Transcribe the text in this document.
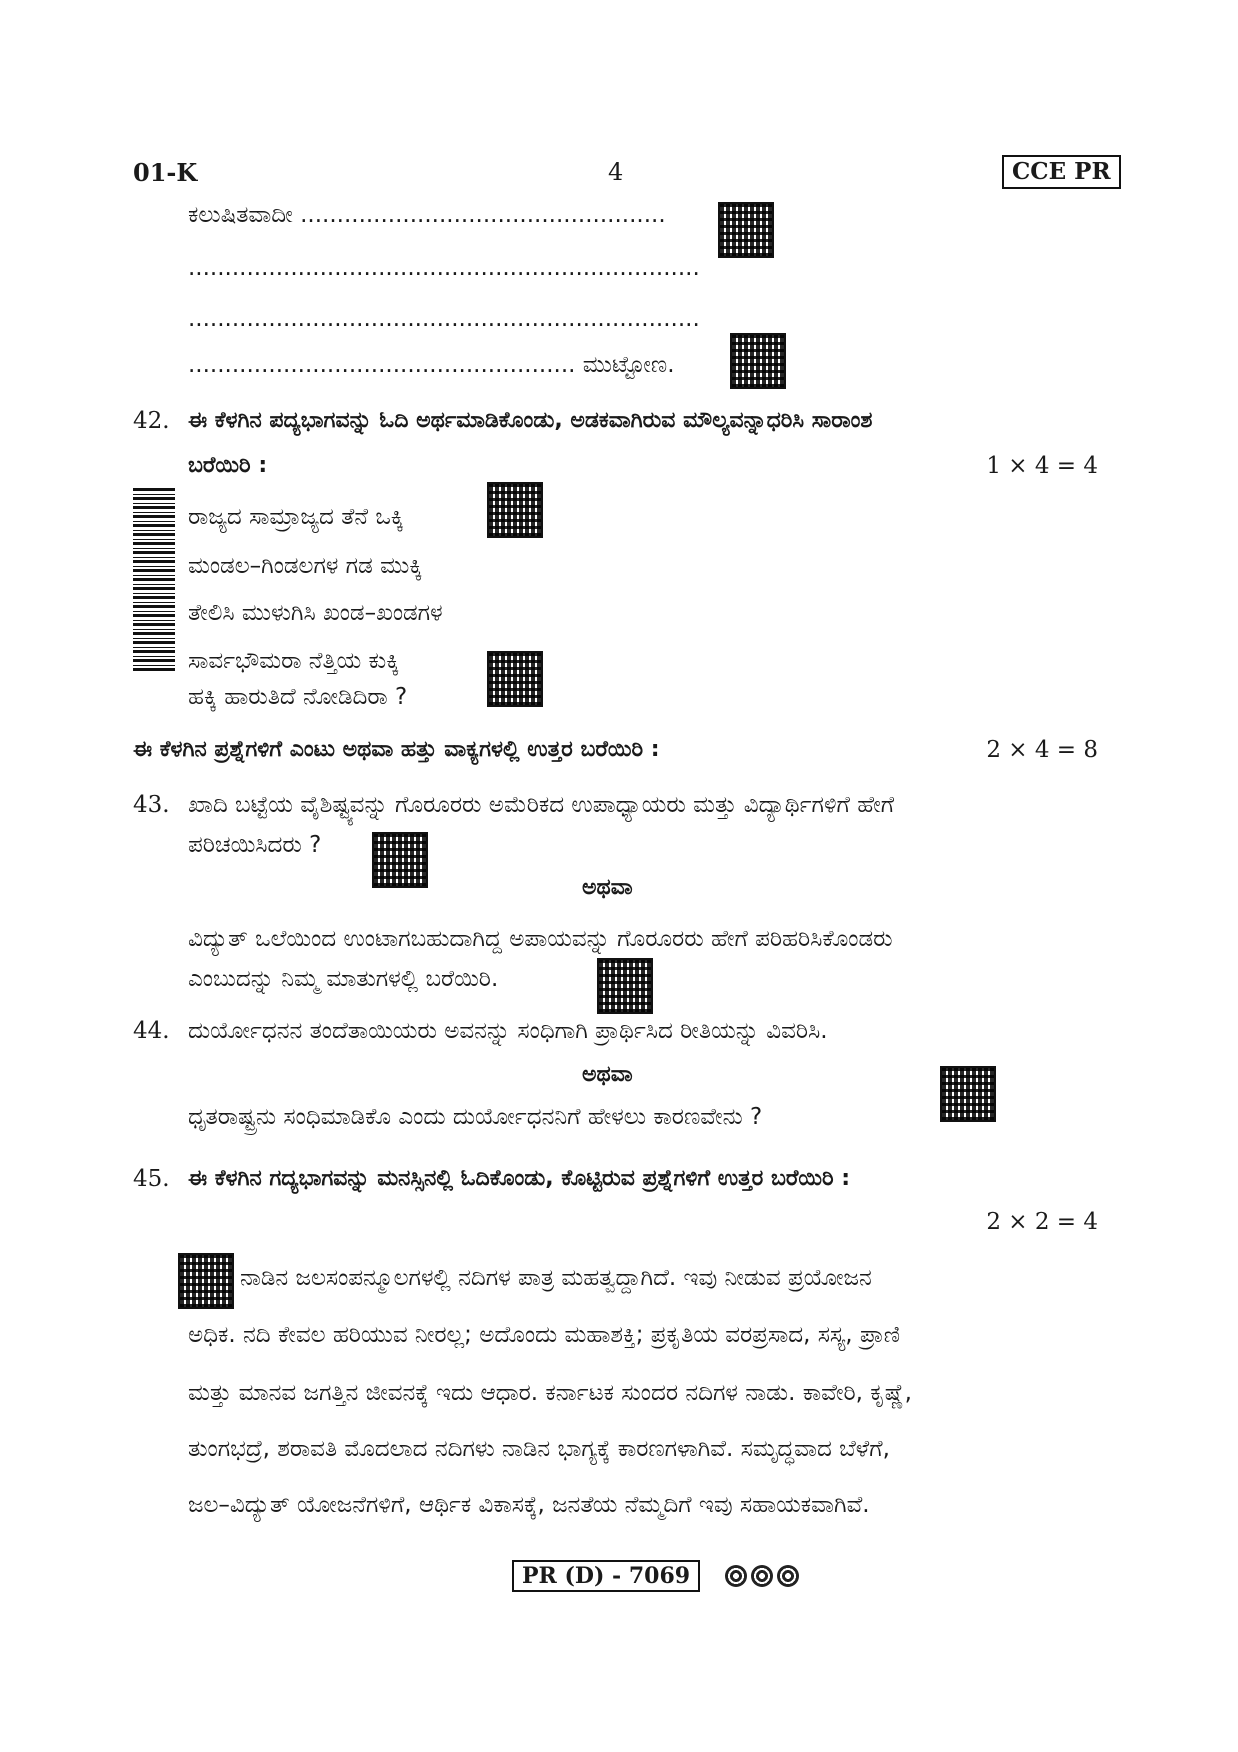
01-K	4	CCE PR
ಕಲುಷಿತವಾದೀ ..................................................
......................................................................
......................................................................
..................................................... ಮುಟ್ಟೋಣ.
42. ಈ ಕೆಳಗಿನ ಪದ್ಯಭಾಗವನ್ನು ಓದಿ ಅರ್ಥಮಾಡಿಕೊಂಡು, ಅಡಕವಾಗಿರುವ ಮೌಲ್ಯವನ್ನಾಧರಿಸಿ ಸಾರಾಂಶ
ಬರೆಯಿರಿ :	1 × 4 = 4
ರಾಜ್ಯದ ಸಾಮ್ರಾಜ್ಯದ ತೆನೆ ಒಕ್ಕಿ
ಮಂಡಲ–ಗಿಂಡಲಗಳ ಗಡ ಮುಕ್ಕಿ
ತೇಲಿಸಿ ಮುಳುಗಿಸಿ ಖಂಡ–ಖಂಡಗಳ
ಸಾರ್ವಭೌಮರಾ ನೆತ್ತಿಯ ಕುಕ್ಕಿ
ಹಕ್ಕಿ ಹಾರುತಿದೆ ನೋಡಿದಿರಾ ?
ಈ ಕೆಳಗಿನ ಪ್ರಶ್ನೆಗಳಿಗೆ ಎಂಟು ಅಥವಾ ಹತ್ತು ವಾಕ್ಯಗಳಲ್ಲಿ ಉತ್ತರ ಬರೆಯಿರಿ :	2 × 4 = 8
43. ಖಾದಿ ಬಟ್ಟೆಯ ವೈಶಿಷ್ಟ್ಯವನ್ನು ಗೊರೂರರು ಅಮೆರಿಕದ ಉಪಾಧ್ಯಾಯರು ಮತ್ತು ವಿದ್ಯಾರ್ಥಿಗಳಿಗೆ ಹೇಗೆ
ಪರಿಚಯಿಸಿದರು ?
ಅಥವಾ
ವಿದ್ಯುತ್ ಒಲೆಯಿಂದ ಉಂಟಾಗಬಹುದಾಗಿದ್ದ ಅಪಾಯವನ್ನು ಗೊರೂರರು ಹೇಗೆ ಪರಿಹರಿಸಿಕೊಂಡರು
ಎಂಬುದನ್ನು ನಿಮ್ಮ ಮಾತುಗಳಲ್ಲಿ ಬರೆಯಿರಿ.
44. ದುರ್ಯೋಧನನ ತಂದೆತಾಯಿಯರು ಅವನನ್ನು ಸಂಧಿಗಾಗಿ ಪ್ರಾರ್ಥಿಸಿದ ರೀತಿಯನ್ನು ವಿವರಿಸಿ.
ಅಥವಾ
ಧೃತರಾಷ್ಟ್ರನು ಸಂಧಿಮಾಡಿಕೊ ಎಂದು ದುರ್ಯೋಧನನಿಗೆ ಹೇಳಲು ಕಾರಣವೇನು ?
45. ಈ ಕೆಳಗಿನ ಗದ್ಯಭಾಗವನ್ನು ಮನಸ್ಸಿನಲ್ಲಿ ಓದಿಕೊಂಡು, ಕೊಟ್ಟಿರುವ ಪ್ರಶ್ನೆಗಳಿಗೆ ಉತ್ತರ ಬರೆಯಿರಿ :
2 × 2 = 4
ನಾಡಿನ ಜಲಸಂಪನ್ಮೂಲಗಳಲ್ಲಿ ನದಿಗಳ ಪಾತ್ರ ಮಹತ್ವದ್ದಾಗಿದೆ. ಇವು ನೀಡುವ ಪ್ರಯೋಜನ
ಅಧಿಕ. ನದಿ ಕೇವಲ ಹರಿಯುವ ನೀರಲ್ಲ; ಅದೊಂದು ಮಹಾಶಕ್ತಿ; ಪ್ರಕೃತಿಯ ವರಪ್ರಸಾದ, ಸಸ್ಯ, ಪ್ರಾಣಿ
ಮತ್ತು ಮಾನವ ಜಗತ್ತಿನ ಜೀವನಕ್ಕೆ ಇದು ಆಧಾರ. ಕರ್ನಾಟಕ ಸುಂದರ ನದಿಗಳ ನಾಡು. ಕಾವೇರಿ, ಕೃಷ್ಣೆ,
ತುಂಗಭದ್ರೆ, ಶರಾವತಿ ಮೊದಲಾದ ನದಿಗಳು ನಾಡಿನ ಭಾಗ್ಯಕ್ಕೆ ಕಾರಣಗಳಾಗಿವೆ. ಸಮೃದ್ಧವಾದ ಬೆಳೆಗೆ,
ಜಲ–ವಿದ್ಯುತ್ ಯೋಜನೆಗಳಿಗೆ, ಆರ್ಥಿಕ ವಿಕಾಸಕ್ಕೆ, ಜನತೆಯ ನೆಮ್ಮದಿಗೆ ಇವು ಸಹಾಯಕವಾಗಿವೆ.
PR (D) - 7069
